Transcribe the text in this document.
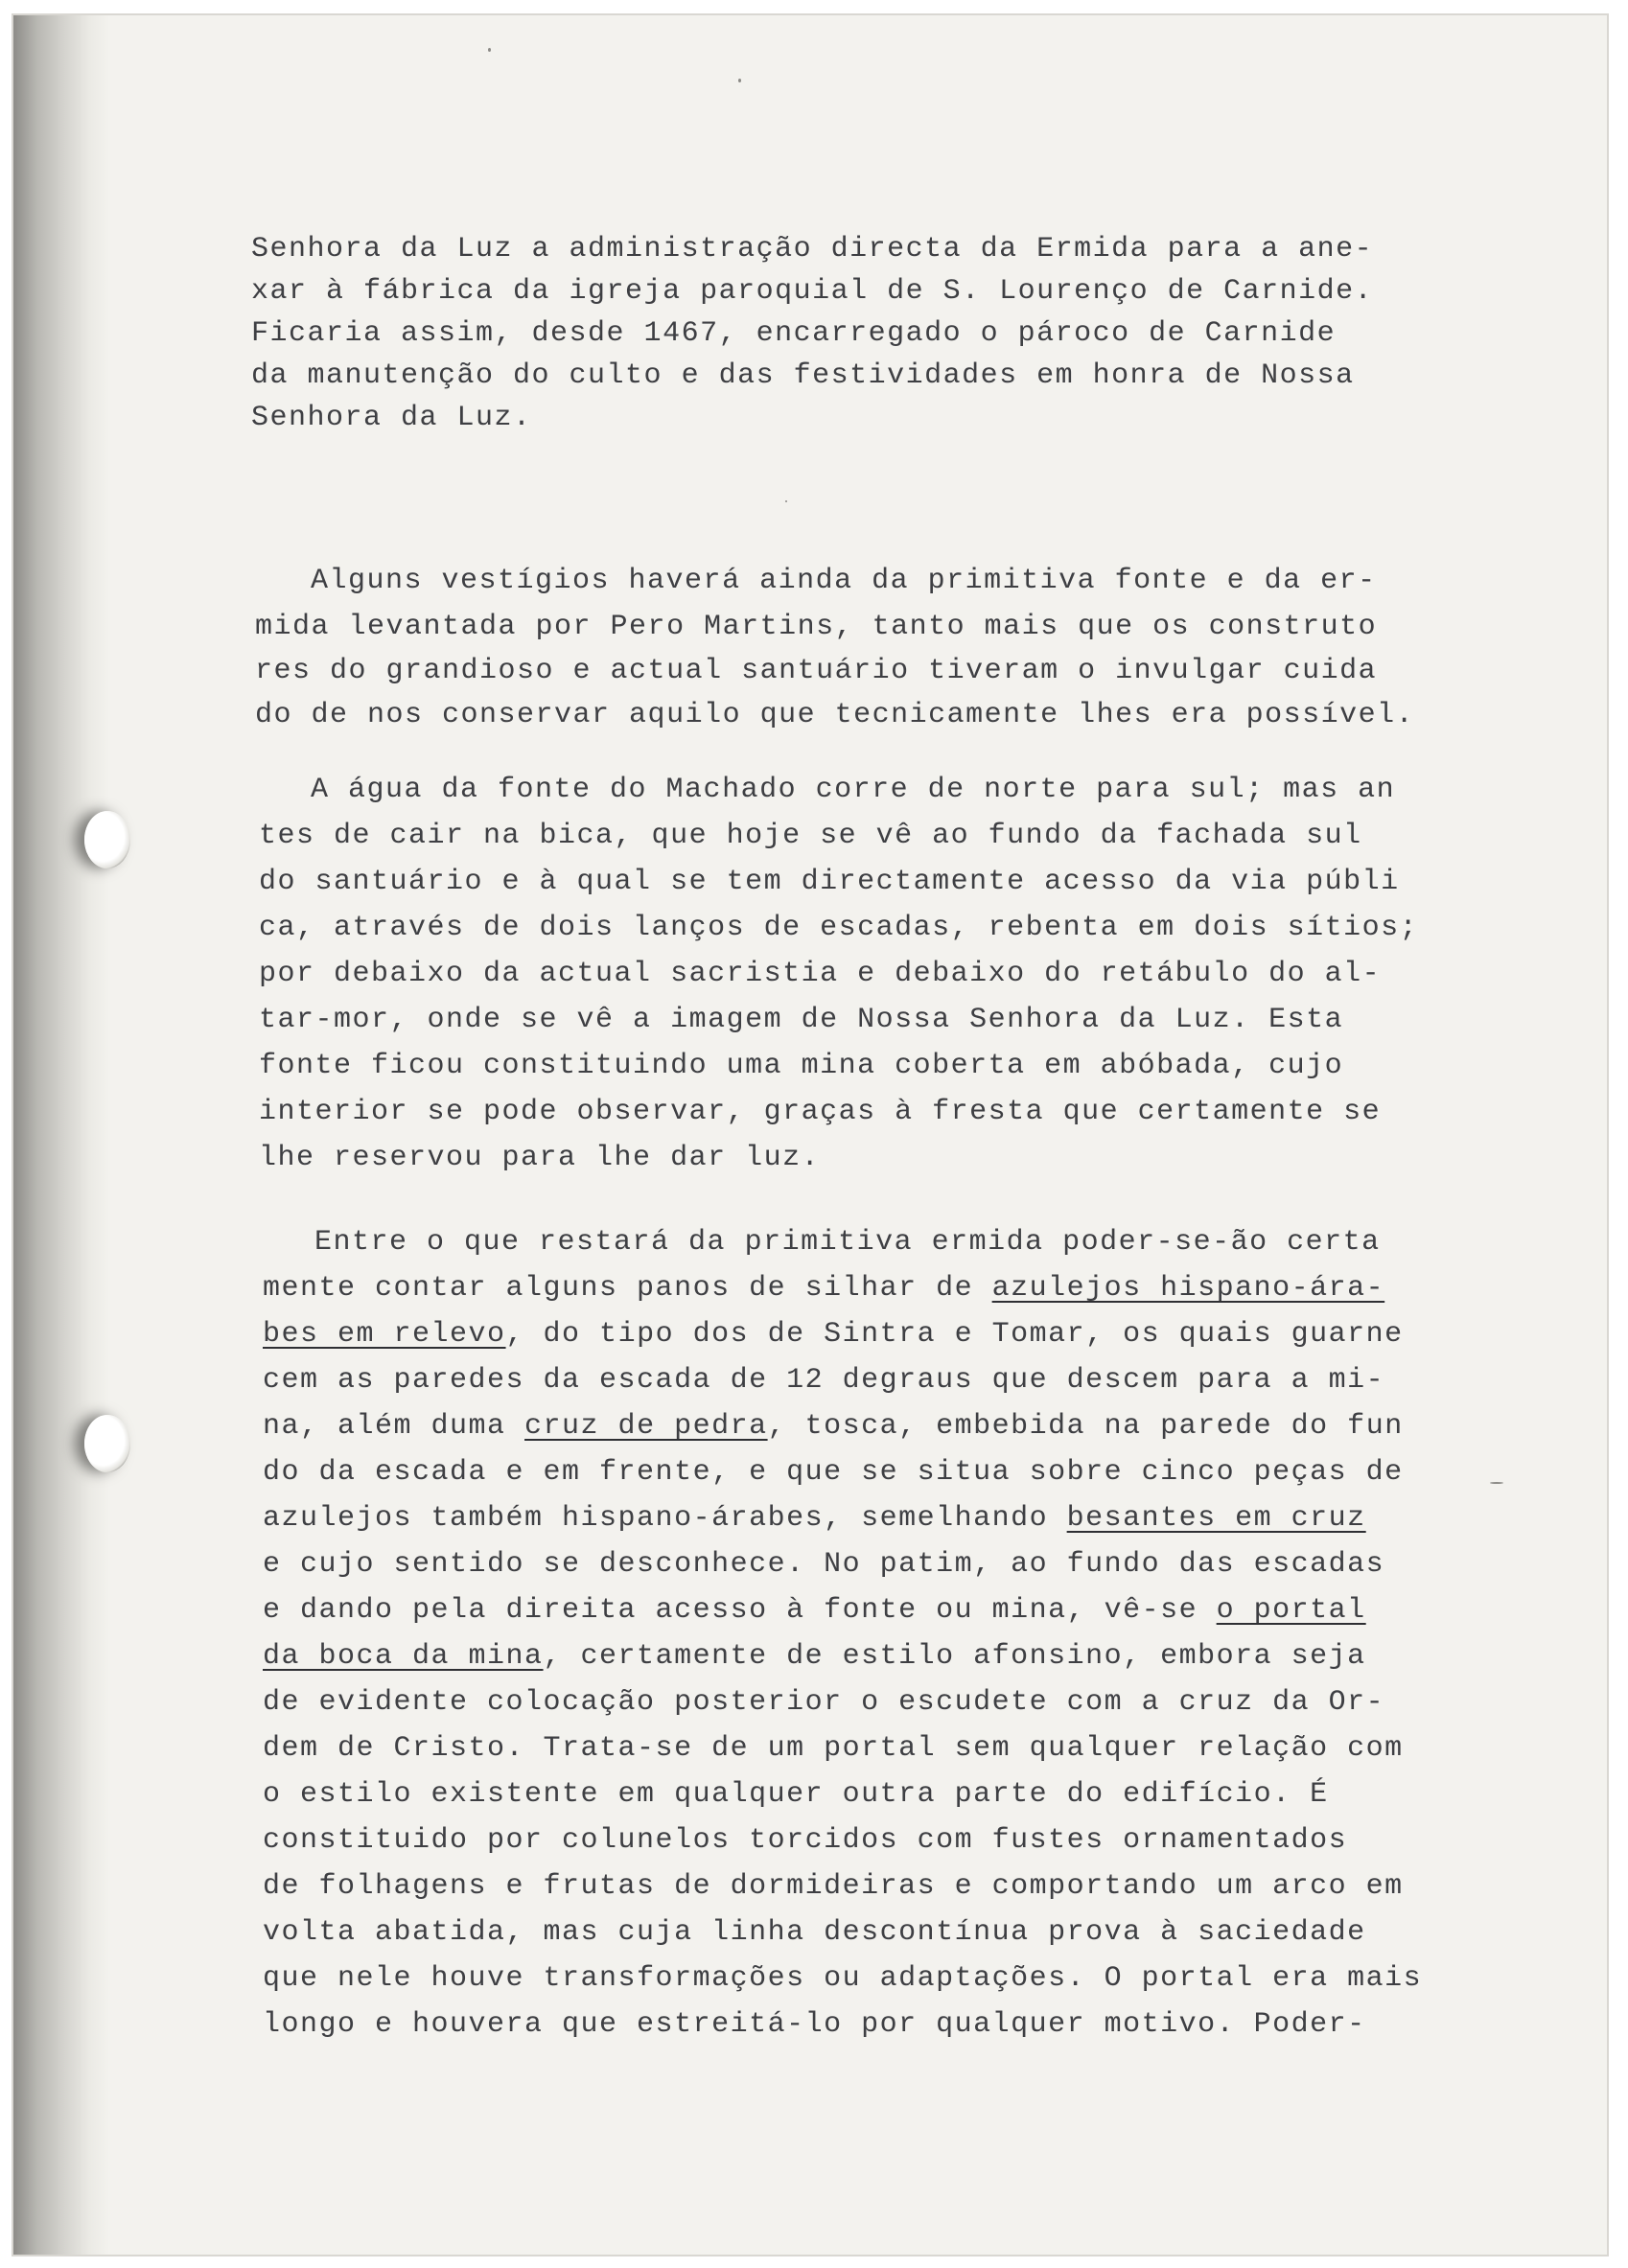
Senhora da Luz a administração directa da Ermida para a ane-

xar à fábrica da igreja paroquial de S. Lourenço de Carnide.

Ficaria assim, desde 1467, encarregado o pároco de Carnide

da manutenção do culto e das festividades em honra de Nossa

Senhora da Luz.

Alguns vestígios haverá ainda da primitiva fonte e da er-

mida levantada por Pero Martins, tanto mais que os construto

res do grandioso e actual santuário tiveram o invulgar cuida

do de nos conservar aquilo que tecnicamente lhes era possível.

A água da fonte do Machado corre de norte para sul; mas an

tes de cair na bica, que hoje se vê ao fundo da fachada sul

do santuário e à qual se tem directamente acesso da via públi

ca, através de dois lanços de escadas, rebenta em dois sítios;

por debaixo da actual sacristia e debaixo do retábulo do al-

tar-mor, onde se vê a imagem de Nossa Senhora da Luz. Esta

fonte ficou constituindo uma mina coberta em abóbada, cujo

interior se pode observar, graças à fresta que certamente se

lhe reservou para lhe dar luz.

Entre o que restará da primitiva ermida poder-se-ão certa

mente contar alguns panos de silhar de azulejos hispano-ára-

bes em relevo, do tipo dos de Sintra e Tomar, os quais guarne

cem as paredes da escada de 12 degraus que descem para a mi-

na, além duma cruz de pedra, tosca, embebida na parede do fun

do da escada e em frente, e que se situa sobre cinco peças de

azulejos também hispano-árabes, semelhando besantes em cruz

e cujo sentido se desconhece. No patim, ao fundo das escadas

e dando pela direita acesso à fonte ou mina, vê-se o portal

da boca da mina, certamente de estilo afonsino, embora seja

de evidente colocação posterior o escudete com a cruz da Or-

dem de Cristo. Trata-se de um portal sem qualquer relação com

o estilo existente em qualquer outra parte do edifício. É

constituido por colunelos torcidos com fustes ornamentados

de folhagens e frutas de dormideiras e comportando um arco em

volta abatida, mas cuja linha descontínua prova à saciedade

que nele houve transformações ou adaptações. O portal era mais

longo e houvera que estreitá-lo por qualquer motivo. Poder-
